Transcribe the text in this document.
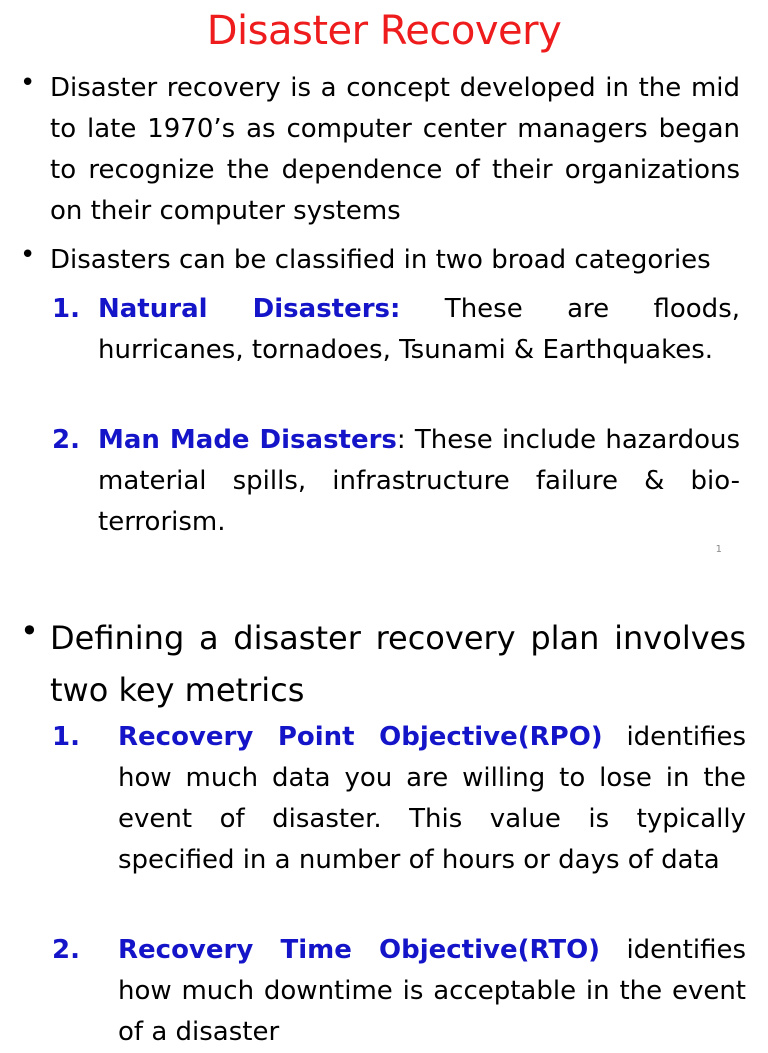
Disaster Recovery
• Disaster recovery is a concept developed in the mid to late 1970’s as computer center managers began to recognize the dependence of their organizations on their computer systems
• Disasters can be classified in two broad categories
1. Natural Disasters: These are floods, hurricanes, tornadoes, Tsunami & Earthquakes.
2. Man Made Disasters: These include hazardous material spills, infrastructure failure & bio-terrorism.
1
• Defining a disaster recovery plan involves two key metrics
1.	Recovery Point Objective(RPO) identifies how much data you are willing to lose in the event of disaster. This value is typically specified in a number of hours or days of data
2.	Recovery Time Objective(RTO) identifies how much downtime is acceptable in the event of a disaster
